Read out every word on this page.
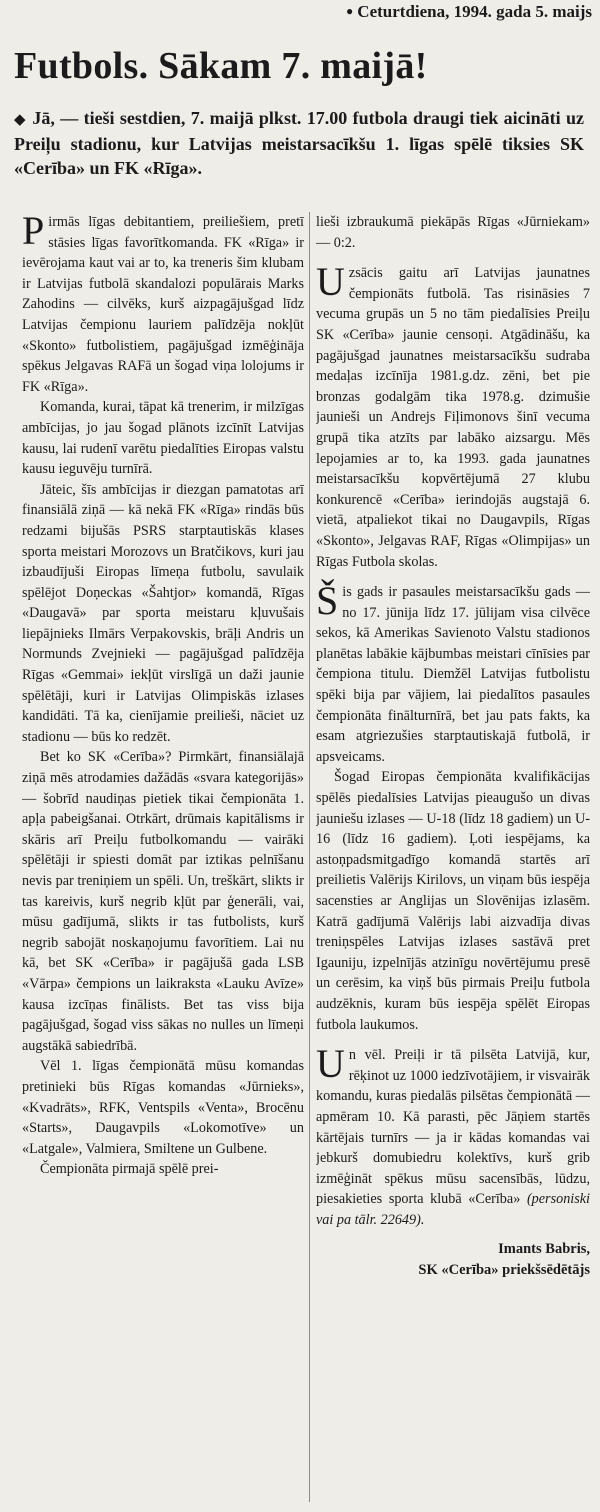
● Ceturtdiena, 1994. gada 5. maijs
Futbols. Sākam 7. maijā!
◆ Jā, — tieši sestdien, 7. maijā plkst. 17.00 futbola draugi tiek aicināti uz Preiļu stadionu, kur Latvijas meistarsacīkšu 1. līgas spēlē tiksies SK «Cerība» un FK «Rīga».

Pirmās līgas debitantiem, preiliešiem, pretī stāsies līgas favorītkomanda. FK «Rīga» ir ievērojama kaut vai ar to, ka treneris šim klubam ir Latvijas futbolā skandalozi populārais Marks Zahodins — cilvēks, kurš aizpagājušgad līdz Latvijas čempionu lauriem palīdzēja nokļūt «Skonto» futbolistiem, pagājušgad izmēģināja spēkus Jelgavas RAFā un šogad viņa lolojums ir FK «Rīga».

Komanda, kurai, tāpat kā trenerim, ir milzīgas ambīcijas, jo jau šogad plānots izcīnīt Latvijas kausu, lai rudenī varētu piedalīties Eiropas valstu kausu ieguvēju turnīrā.

Jāteic, šīs ambīcijas ir diezgan pamatotas arī finansiālā ziņā — kā nekā FK «Rīga» rindās būs redzami bijušās PSRS starptautiskās klases sporta meistari Morozovs un Bratčikovs, kuri jau izbaudījuši Eiropas līmeņa futbolu, savulaik spēlējot Doņeckas «Šahtjor» komandā, Rīgas «Daugavā» par sporta meistaru kļuvušais liepājnieks Ilmārs Verpakovskis, brāļi Andris un Normunds Zvejnieki — pagājušgad palīdzēja Rīgas «Gemmai» iekļūt virslīgā un daži jaunie spēlētāji, kuri ir Latvijas Olimpiskās izlases kandidāti. Tā ka, cienījamie preilieši, nāciet uz stadionu — būs ko redzēt.

Bet ko SK «Cerība»? Pirmkārt, finansiālajā ziņā mēs atrodamies dažādās «svara kategorijās» — šobrīd naudiņas pietiek tikai čempionāta 1. apļa pabeigšanai. Otrkārt, drūmais kapitālisms ir skāris arī Preiļu futbolkomandu — vairāki spēlētāji ir spiesti domāt par iztikas pelnīšanu nevis par treniņiem un spēli. Un, treškārt, slikts ir tas kareivis, kurš negrib kļūt par ģenerāli, vai, mūsu gadījumā, slikts ir tas futbolists, kurš negrib sabojāt noskaņojumu favorītiem. Lai nu kā, bet SK «Cerība» ir pagājušā gada LSB «Vārpa» čempions un laikraksta «Lauku Avīze» kausa izcīņas finālists. Bet tas viss bija pagājušgad, šogad viss sākas no nulles un līmeņi augstākā sabiedrībā.

Vēl 1. līgas čempionātā mūsu komandas pretinieki būs Rīgas komandas «Jūrnieks», «Kvadrāts», RFK, Ventspils «Venta», Brocēnu «Starts», Daugavpils «Lokomotīve» un «Latgale», Valmiera, Smiltene un Gulbene.

Čempionāta pirmajā spēlē prei-

lieši izbraukumā piekāpās Rīgas «Jūrniekam» — 0:2.

Uzsācis gaitu arī Latvijas jaunatnes čempionāts futbolā. Tas risināsies 7 vecuma grupās un 5 no tām piedalīsies Preiļu SK «Cerība» jaunie censoņi. Atgādināšu, ka pagājušgad jaunatnes meistarsacīkšu sudraba medaļas izcīnīja 1981.g.dz. zēni, bet pie bronzas godalgām tika 1978.g. dzimušie jaunieši un Andrejs Fiļimonovs šinī vecuma grupā tika atzīts par labāko aizsargu. Mēs lepojamies ar to, ka 1993. gada jaunatnes meistarsacīkšu kopvērtējumā 27 klubu konkurencē «Cerība» ierindojās augstajā 6. vietā, atpaliekot tikai no Daugavpils, Rīgas «Skonto», Jelgavas RAF, Rīgas «Olimpijas» un Rīgas Futbola skolas.

Šis gads ir pasaules meistarsacīkšu gads — no 17. jūnija līdz 17. jūlijam visa cilvēce sekos, kā Amerikas Savienoto Valstu stadionos planētas labākie kājbumbas meistari cīnīsies par čempiona titulu. Diemžēl Latvijas futbolistu spēki bija par vājiem, lai piedalītos pasaules čempionāta finālturnīrā, bet jau pats fakts, ka esam atgriezušies starptautiskajā futbolā, ir apsveicams.

Šogad Eiropas čempionāta kvalifikācijas spēlēs piedalīsies Latvijas pieaugušo un divas jauniešu izlases — U-18 (līdz 18 gadiem) un U-16 (līdz 16 gadiem). Ļoti iespējams, ka astoņpadsmitgadīgo komandā startēs arī preilietis Valērijs Kirilovs, un viņam būs iespēja sacensties ar Anglijas un Slovēnijas izlasēm. Katrā gadījumā Valērijs labi aizvadīja divas treniņspēles Latvijas izlases sastāvā pret Igauniju, izpelnījās atzinīgu novērtējumu presē un cerēsim, ka viņš būs pirmais Preiļu futbola audzēknis, kuram būs iespēja spēlēt Eiropas futbola laukumos.

Un vēl. Preiļi ir tā pilsēta Latvijā, kur, rēķinot uz 1000 iedzīvotājiem, ir visvairāk komandu, kuras piedalās pilsētas čempionātā — apmēram 10. Kā parasti, pēc Jāņiem startēs kārtējais turnīrs — ja ir kādas komandas vai jebkurš domubiedru kolektīvs, kurš grib izmēģināt spēkus mūsu sacensībās, lūdzu, piesakieties sporta klubā «Cerība» (personiski vai pa tālr. 22649).

Imants Babris,
SK «Cerība» priekšsēdētājs
